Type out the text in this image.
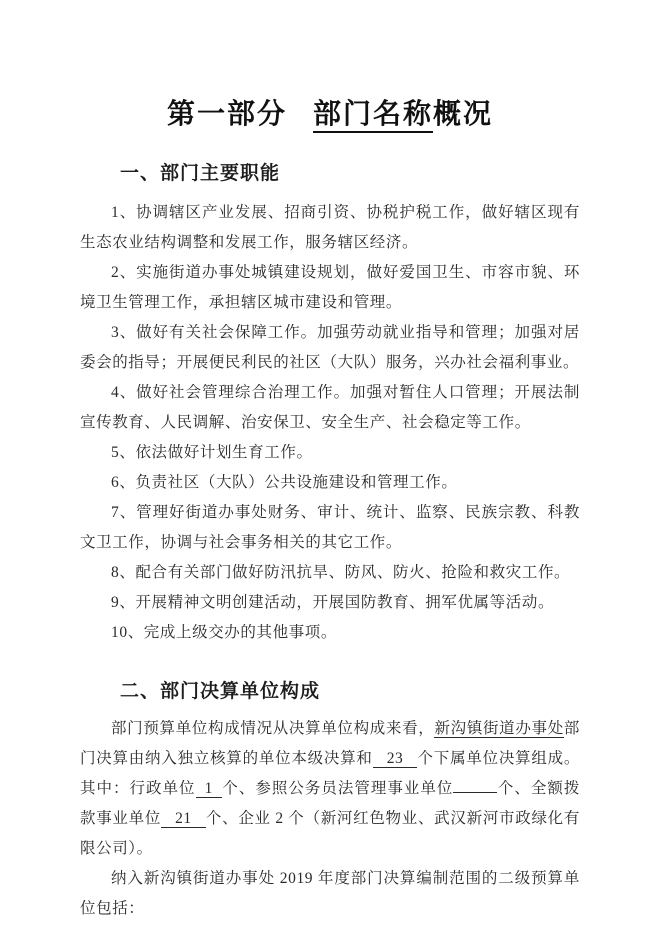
第一部分 部门名称概况
一、部门主要职能

1、协调辖区产业发展、招商引资、协税护税工作，做好辖区现有生态农业结构调整和发展工作，服务辖区经济。

2、实施街道办事处城镇建设规划，做好爱国卫生、市容市貌、环境卫生管理工作，承担辖区城市建设和管理。

3、做好有关社会保障工作。加强劳动就业指导和管理；加强对居委会的指导；开展便民利民的社区（大队）服务，兴办社会福利事业。

4、做好社会管理综合治理工作。加强对暂住人口管理；开展法制宣传教育、人民调解、治安保卫、安全生产、社会稳定等工作。

5、依法做好计划生育工作。

6、负责社区（大队）公共设施建设和管理工作。

7、管理好街道办事处财务、审计、统计、监察、民族宗教、科教文卫工作，协调与社会事务相关的其它工作。

8、配合有关部门做好防汛抗旱、防风、防火、抢险和救灾工作。

9、开展精神文明创建活动，开展国防教育、拥军优属等活动。

10、完成上级交办的其他事项。

二、部门决算单位构成

部门预算单位构成情况从决算单位构成来看，新沟镇街道办事处部门决算由纳入独立核算的单位本级决算和 23 个下属单位决算组成。其中：行政单位 1 个、参照公务员法管理事业单位	个、全额拨款事业单位 21 个、企业 2 个（新河红色物业、武汉新河市政绿化有限公司）。

纳入新沟镇街道办事处 2019 年度部门决算编制范围的二级预算单位包括：
